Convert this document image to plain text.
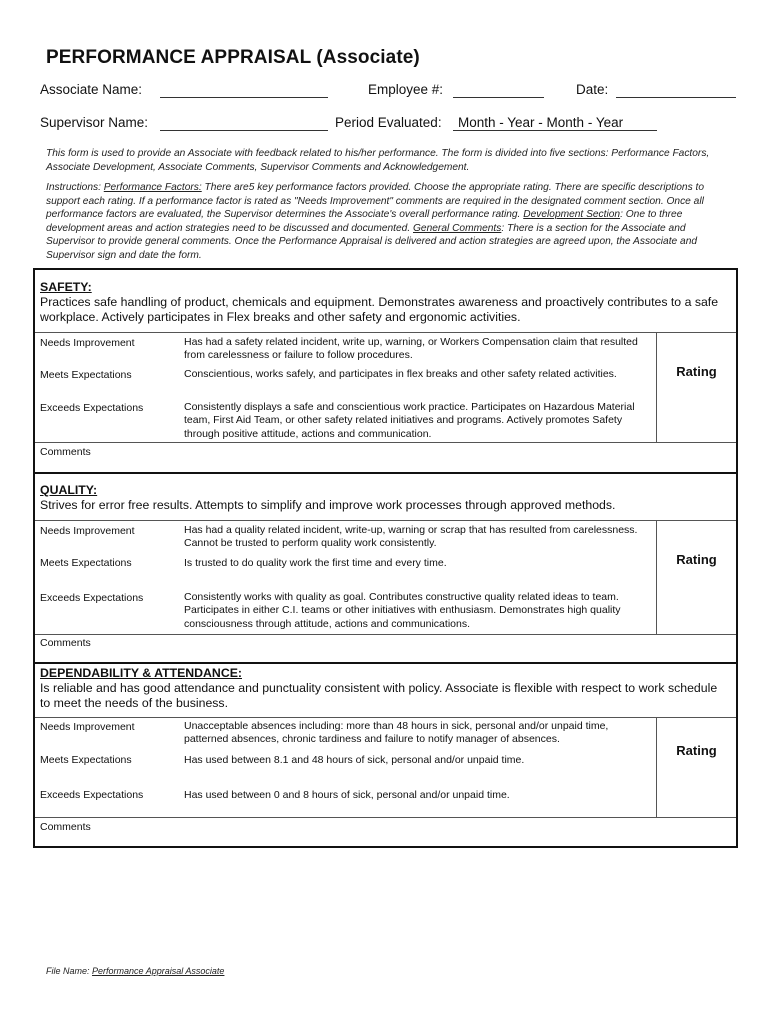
PERFORMANCE APPRAISAL (Associate)
Associate Name:	Employee #:	Date:
Supervisor Name:	Period Evaluated: Month - Year - Month - Year
This form is used to provide an Associate with feedback related to his/her performance. The form is divided into five sections: Performance Factors, Associate Development, Associate Comments, Supervisor Comments and Acknowledgement.
Instructions: Performance Factors: There are5 key performance factors provided. Choose the appropriate rating. There are specific descriptions to support each rating. If a performance factor is rated as "Needs Improvement" comments are required in the designated comment section. Once all performance factors are evaluated, the Supervisor determines the Associate's overall performance rating. Development Section: One to three development areas and action strategies need to be discussed and documented. General Comments: There is a section for the Associate and Supervisor to provide general comments. Once the Performance Appraisal is delivered and action strategies are agreed upon, the Associate and Supervisor sign and date the form.
SAFETY:
Practices safe handling of product, chemicals and equipment. Demonstrates awareness and proactively contributes to a safe workplace. Actively participates in Flex breaks and other safety and ergonomic activities.
Rating
Needs Improvement	Has had a safety related incident, write up, warning, or Workers Compensation claim that resulted from carelessness or failure to follow procedures.
Meets Expectations	Conscientious, works safely, and participates in flex breaks and other safety related activities.
Exceeds Expectations	Consistently displays a safe and conscientious work practice. Participates on Hazardous Material team, First Aid Team, or other safety related initiatives and programs. Actively promotes Safety through positive attitude, actions and communication.
Comments
QUALITY:
Strives for error free results. Attempts to simplify and improve work processes through approved methods.
Rating
Needs Improvement	Has had a quality related incident, write-up, warning or scrap that has resulted from carelessness. Cannot be trusted to perform quality work consistently.
Meets Expectations	Is trusted to do quality work the first time and every time.
Exceeds Expectations	Consistently works with quality as goal. Contributes constructive quality related ideas to team. Participates in either C.I. teams or other initiatives with enthusiasm. Demonstrates high quality consciousness through attitude, actions and communications.
Comments
DEPENDABILITY & ATTENDANCE:
Is reliable and has good attendance and punctuality consistent with policy. Associate is flexible with respect to work schedule to meet the needs of the business.
Rating
Needs Improvement	Unacceptable absences including: more than 48 hours in sick, personal and/or unpaid time, patterned absences, chronic tardiness and failure to notify manager of absences.
Meets Expectations	Has used between 8.1 and 48 hours of sick, personal and/or unpaid time.
Exceeds Expectations	Has used between 0 and 8 hours of sick, personal and/or unpaid time.
Comments
File Name: Performance Appraisal Associate
